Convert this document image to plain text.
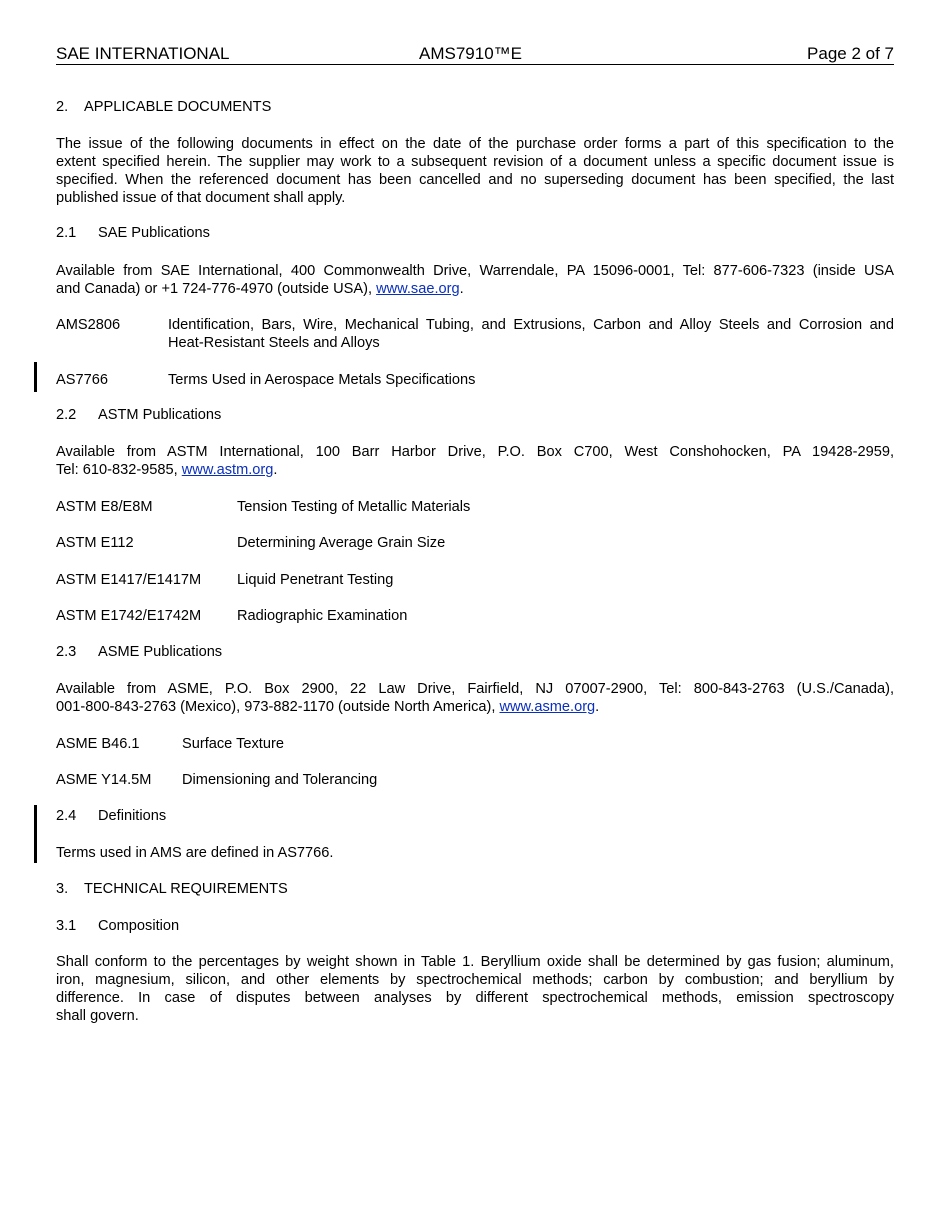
SAE INTERNATIONAL	AMS7910™E	Page 2 of 7
2. APPLICABLE DOCUMENTS
The issue of the following documents in effect on the date of the purchase order forms a part of this specification to the
extent specified herein. The supplier may work to a subsequent revision of a document unless a specific document issue is
specified. When the referenced document has been cancelled and no superseding document has been specified, the last
published issue of that document shall apply.
2.1 SAE Publications
Available from SAE International, 400 Commonwealth Drive, Warrendale, PA 15096-0001, Tel: 877-606-7323 (inside USA
and Canada) or +1 724-776-4970 (outside USA), www.sae.org.
AMS2806	Identification, Bars, Wire, Mechanical Tubing, and Extrusions, Carbon and Alloy Steels and Corrosion and
Heat-Resistant Steels and Alloys
AS7766	Terms Used in Aerospace Metals Specifications
2.2 ASTM Publications
Available from ASTM International, 100 Barr Harbor Drive, P.O. Box C700, West Conshohocken, PA 19428-2959,
Tel: 610-832-9585, www.astm.org.
ASTM E8/E8M	Tension Testing of Metallic Materials
ASTM E112	Determining Average Grain Size
ASTM E1417/E1417M Liquid Penetrant Testing
ASTM E1742/E1742M Radiographic Examination
2.3 ASME Publications
Available from ASME, P.O. Box 2900, 22 Law Drive, Fairfield, NJ 07007-2900, Tel: 800-843-2763 (U.S./Canada),
001-800-843-2763 (Mexico), 973-882-1170 (outside North America), www.asme.org.
ASME B46.1	Surface Texture
ASME Y14.5M Dimensioning and Tolerancing
2.4 Definitions
Terms used in AMS are defined in AS7766.
3. TECHNICAL REQUIREMENTS
3.1 Composition
Shall conform to the percentages by weight shown in Table 1. Beryllium oxide shall be determined by gas fusion; aluminum,
iron, magnesium, silicon, and other elements by spectrochemical methods; carbon by combustion; and beryllium by
difference. In case of disputes between analyses by different spectrochemical methods, emission spectroscopy
shall govern.
